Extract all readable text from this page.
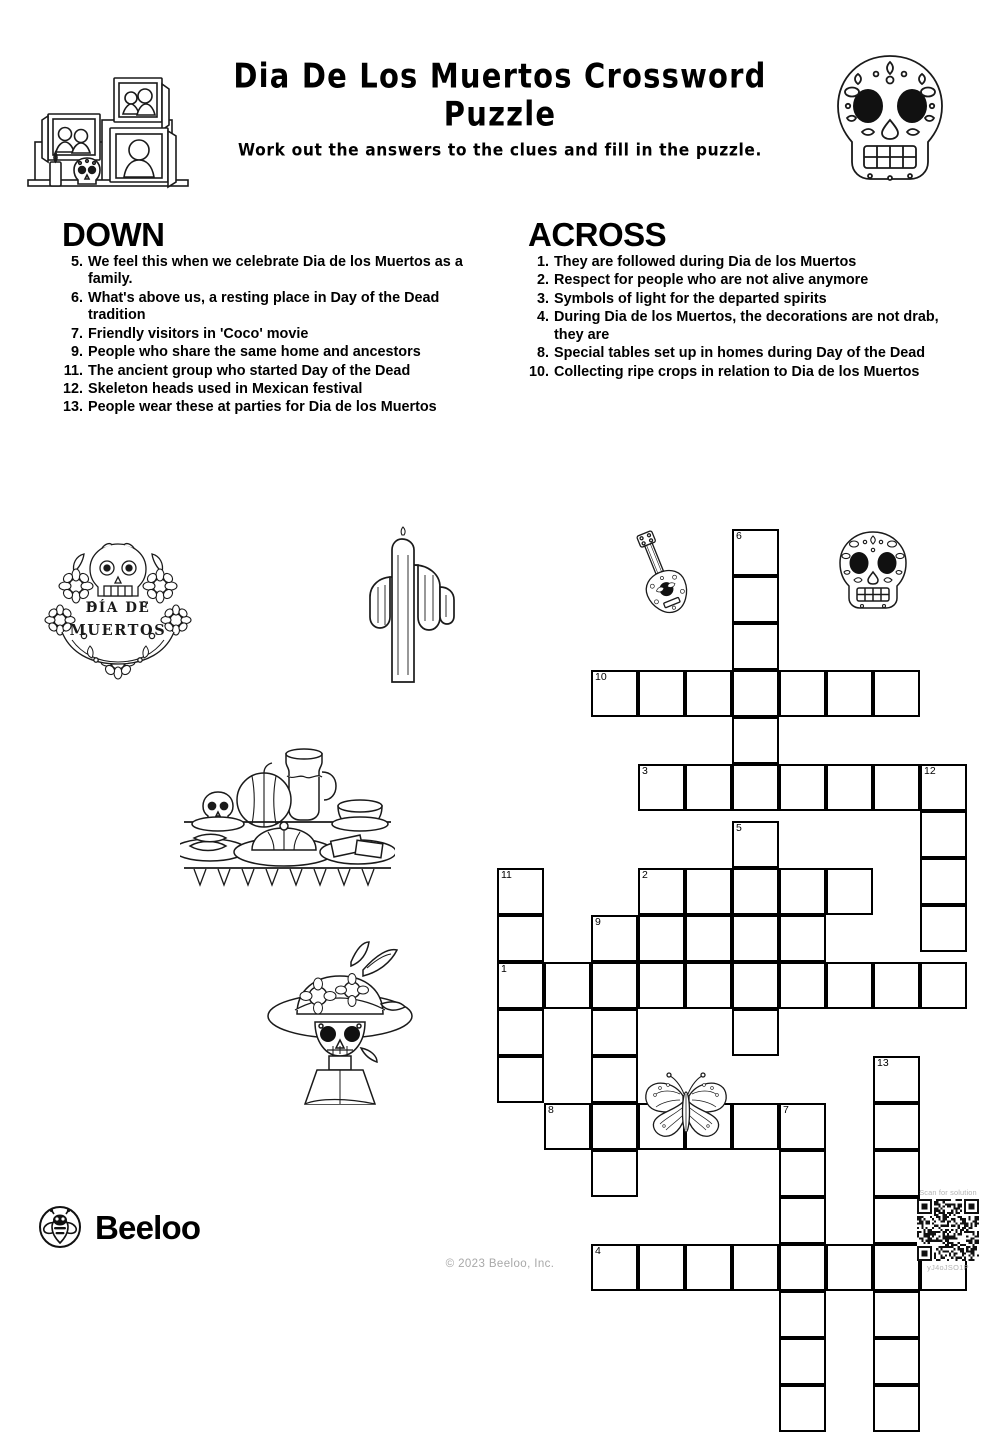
Dia De Los Muertos Crossword Puzzle
Work out the answers to the clues and fill in the puzzle.
DOWN
5. We feel this when we celebrate Dia de los Muertos as a family.
6. What's above us, a resting place in Day of the Dead tradition
7. Friendly visitors in 'Coco' movie
9. People who share the same home and ancestors
11. The ancient group who started Day of the Dead
12. Skeleton heads used in Mexican festival
13. People wear these at parties for Dia de los Muertos
ACROSS
1. They are followed during Dia de los Muertos
2. Respect for people who are not alive anymore
3. Symbols of light for the departed spirits
4. During Dia de los Muertos, the decorations are not drab, they are
8. Special tables set up in homes during Day of the Dead
10. Collecting ripe crops in relation to Dia de los Muertos
6
10
3	12
5
11	2
9
1
13
8	7
4
DÍA DE
MUERTOS
Beeloo
© 2023 Beeloo, Inc.
Scan for solution
yJ4oJSO1P
